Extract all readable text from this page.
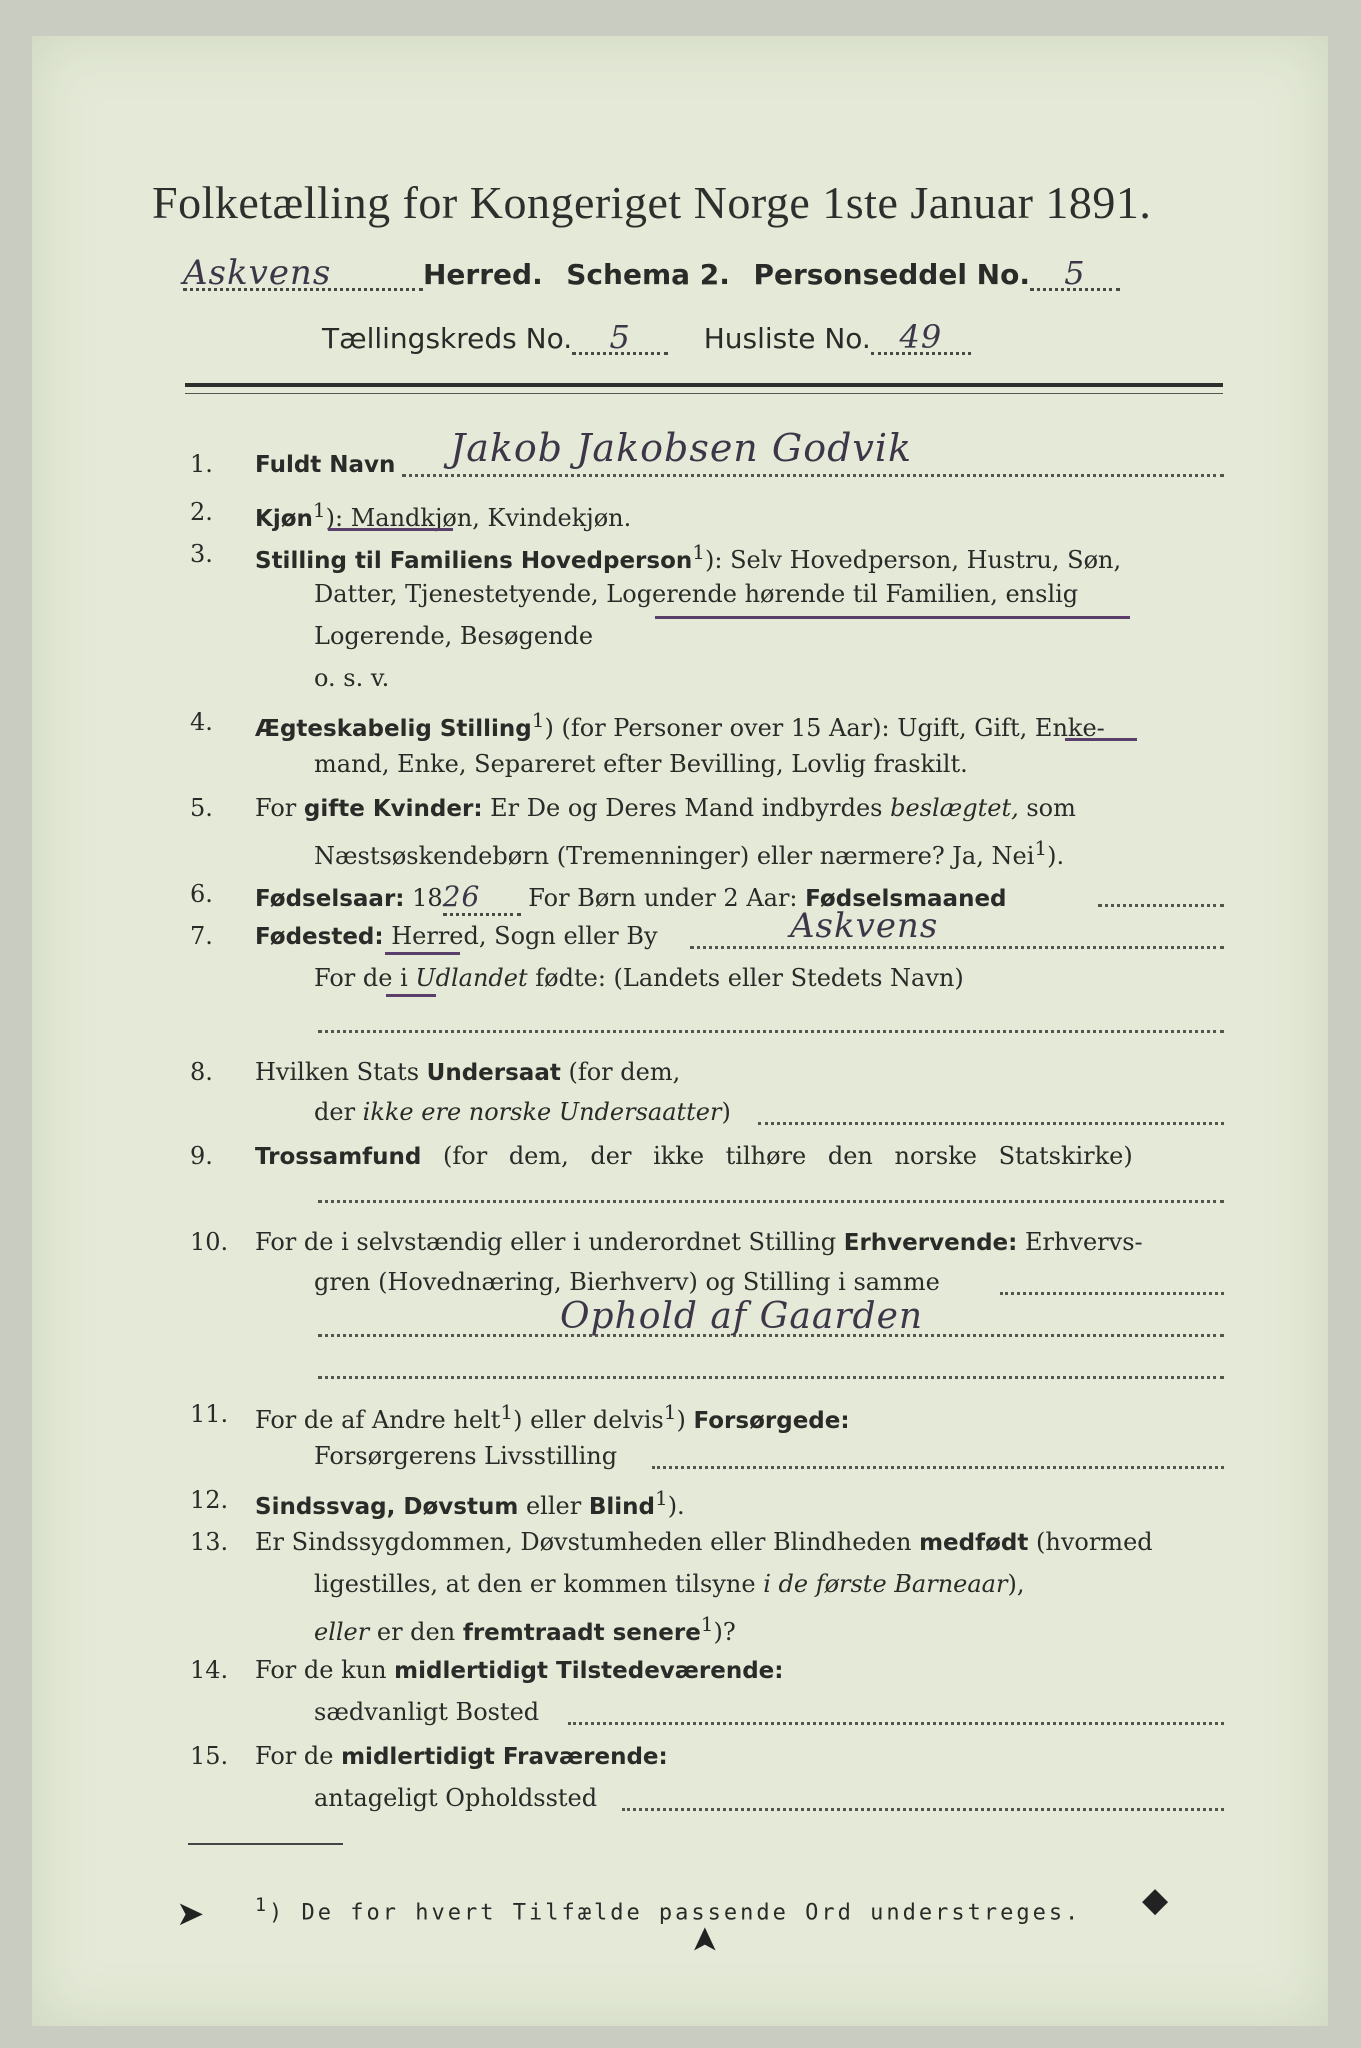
Folketælling for Kongeriget Norge 1ste Januar 1891.
Askvens	Herred. Schema 2. Personseddel No. 5
Tællingskreds No. 5	Husliste No. 49
1.	Fuldt Navn Jakob Jakobsen Godvik
2.	Kjøn$^1$): Mandkjøn, Kvindekjøn.
3.	Stilling til Familiens Hovedperson$^1$): Selv Hovedperson, Hustru, Søn,
Datter, Tjenestetyende, Logerende hørende til Familien, enslig
Logerende, Besøgende
o. s. v.
4.	Ægteskabelig Stilling$^1$) (for Personer over 15 Aar): Ugift, Gift, Enke-
mand, Enke, Separeret efter Bevilling, Lovlig fraskilt.
5.	For gifte Kvinder: Er De og Deres Mand indbyrdes beslægtet, som
Næstsøskendebørn (Tremenninger) eller nærmere? Ja, Nei$^1$).
6.	Fødselsaar: 1826 For Børn under 2 Aar: Fødselsmaaned
7.	Fødested: Herred, Sogn eller By	Askvens
For de i Udlandet fødte: (Landets eller Stedets Navn)
8.	Hvilken Stats Undersaat (for dem,
der ikke ere norske Undersaatter)
9.	Trossamfund (for dem, der ikke tilhøre den norske Statskirke)
10.	For de i selvstændig eller i underordnet Stilling Erhvervende: Erhvervs-
gren (Hovednæring, Bierhverv) og Stilling i samme
Ophold af Gaarden
11.	For de af Andre helt$^1$) eller delvis$^1$) Forsørgede:
Forsørgerens Livsstilling
12.	Sindssvag, Døvstum eller Blind$^1$).
13.	Er Sindssygdommen, Døvstumheden eller Blindheden medfødt (hvormed
ligestilles, at den er kommen tilsyne i de første Barneaar),
eller er den fremtraadt senere$^1$)?
14.	For de kun midlertidigt Tilstedeværende:
sædvanligt Bosted
15.	For de midlertidigt Fraværende:
antageligt Opholdssted
$^1$) De for hvert Tilfælde passende Ord understreges.
➤
➤
◆
